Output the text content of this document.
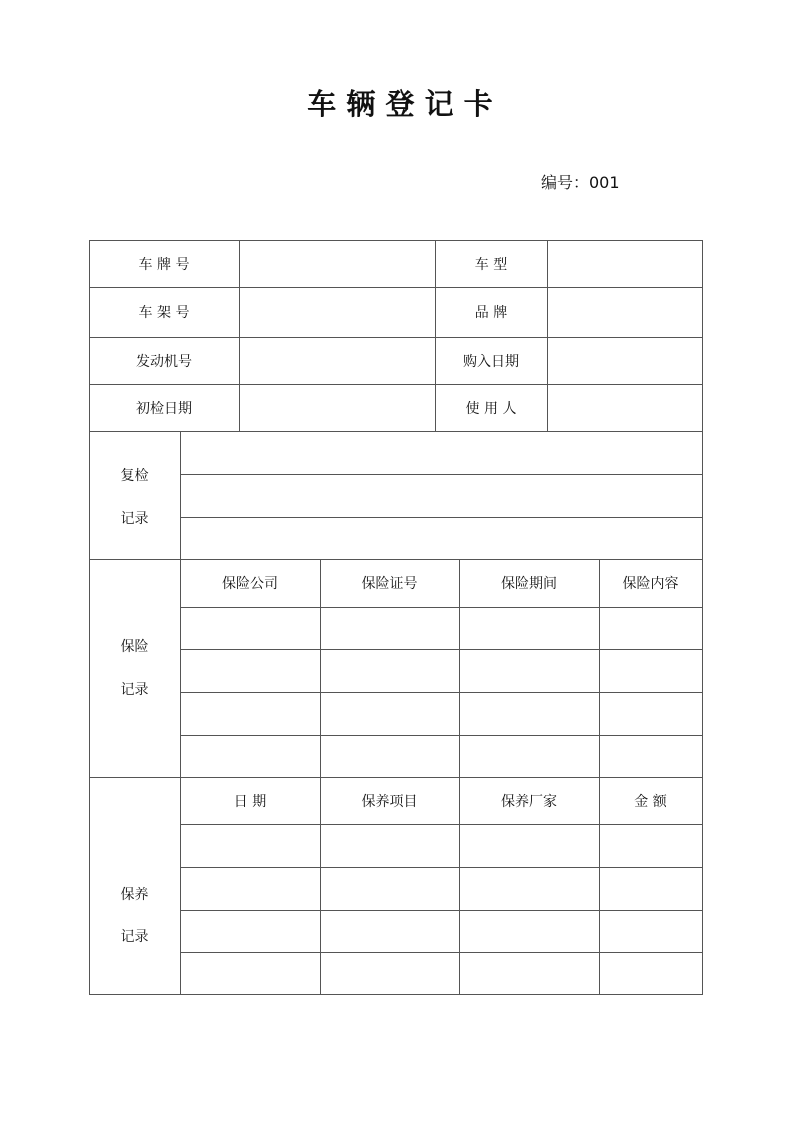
车 辆 登 记 卡
编号：001
车 牌 号	车 型
车 架 号	品 牌
发动机号	购入日期
初检日期	使 用 人
复检
记录
保险
记录
保险公司	保险证号	保险期间	保险内容
保养
记录
日 期	保养项目	保养厂家	金 额
